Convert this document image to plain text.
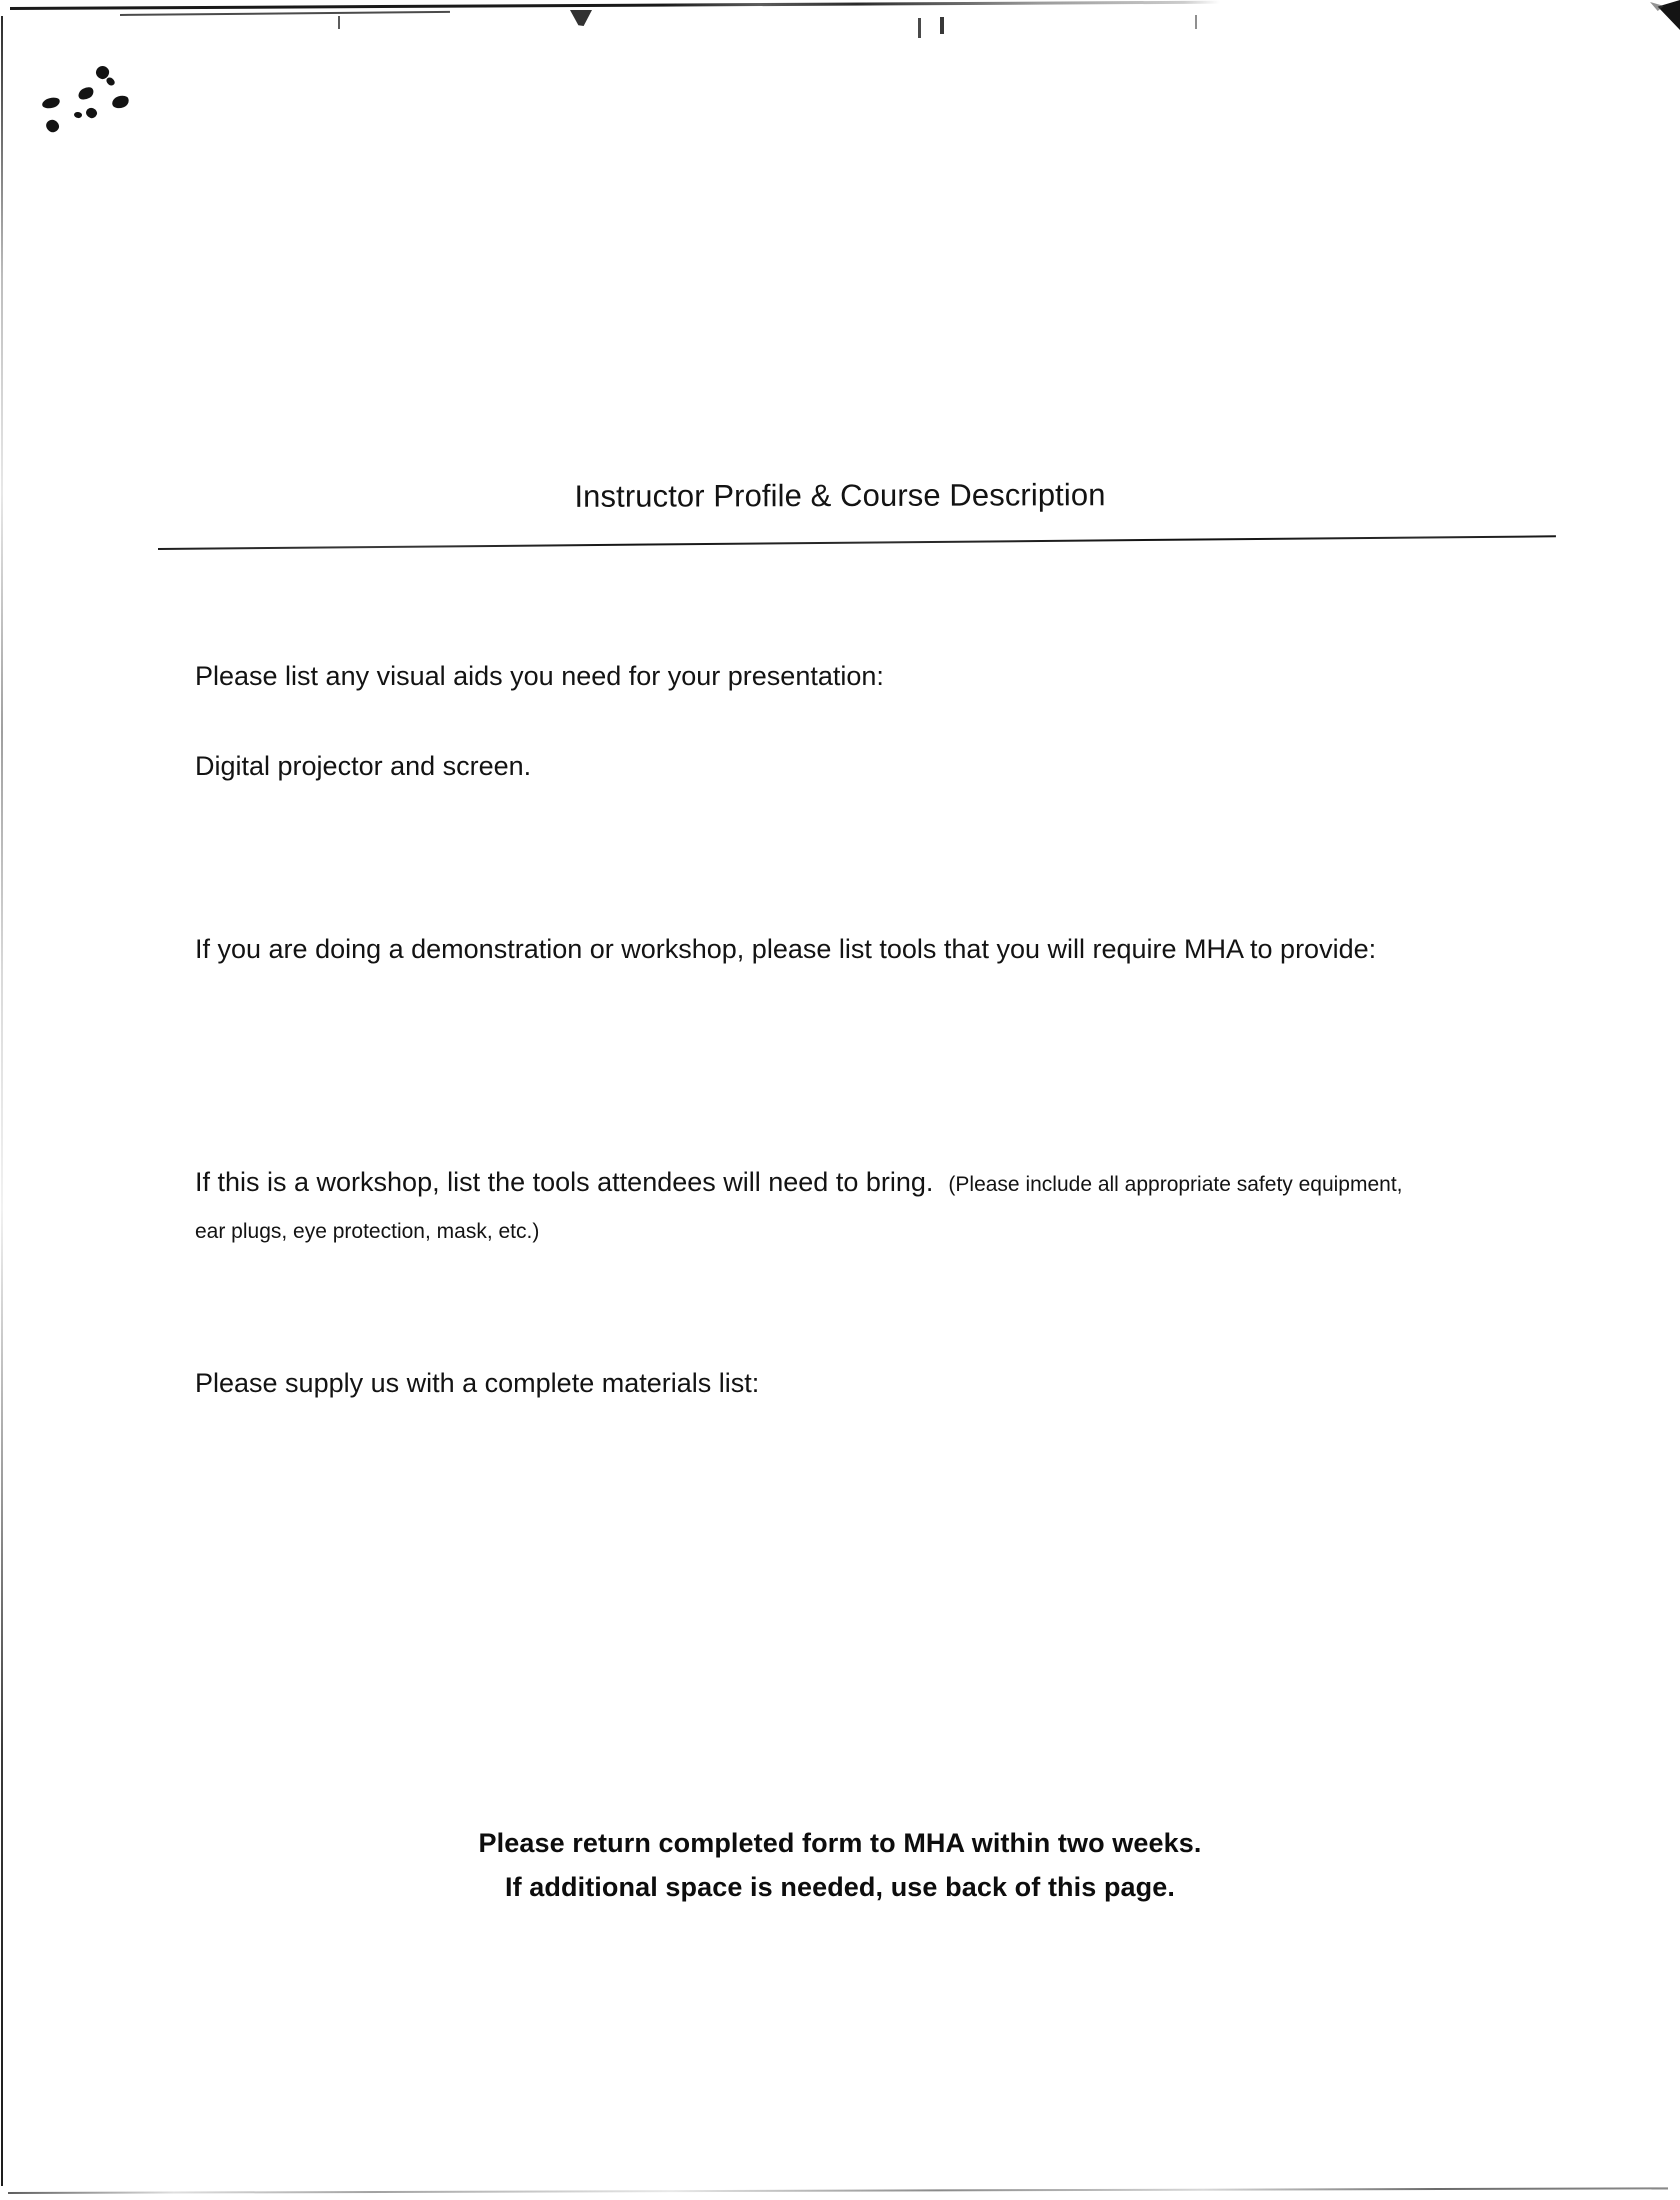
Instructor Profile & Course Description
Please list any visual aids you need for your presentation:
Digital projector and screen.
If you are doing a demonstration or workshop, please list tools that you will require MHA to provide:
If this is a workshop, list the tools attendees will need to bring. (Please include all appropriate safety equipment, ear plugs, eye protection, mask, etc.)
Please supply us with a complete materials list:
Please return completed form to MHA within two weeks.
If additional space is needed, use back of this page.
